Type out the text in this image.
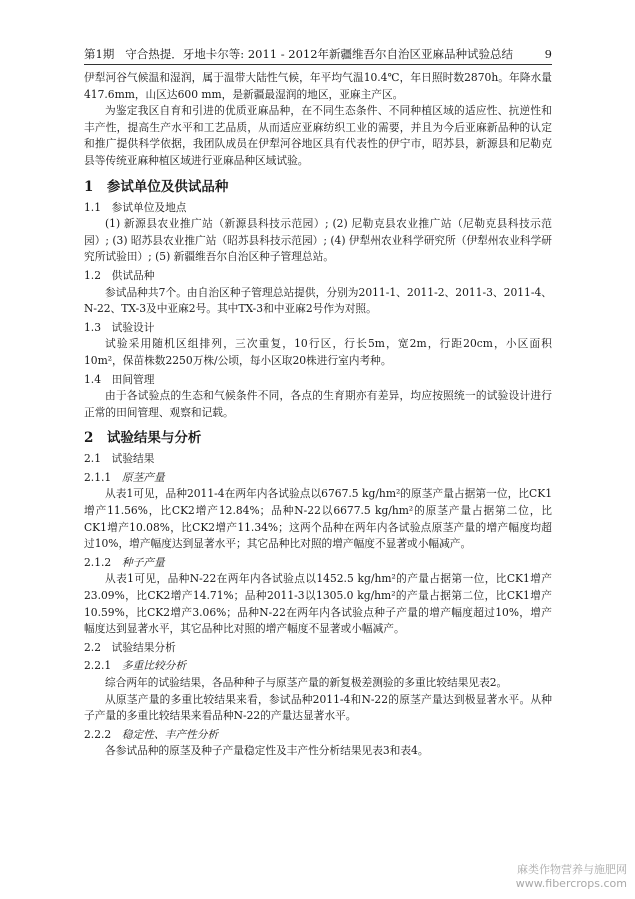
第1期 守合热提．牙地卡尔等: 2011 - 2012年新疆维吾尔自治区亚麻品种试验总结	9

伊犁河谷气候温和湿润，属于温带大陆性气候，年平均气温10.4℃，年日照时数2870h。年降水量417.6mm，山区达600 mm，是新疆最湿润的地区，亚麻主产区。

为鉴定我区自育和引进的优质亚麻品种，在不同生态条件、不同种植区域的适应性、抗逆性和丰产性，提高生产水平和工艺品质，从而适应亚麻纺织工业的需要，并且为今后亚麻新品种的认定和推广提供科学依据，我团队成员在伊犁河谷地区具有代表性的伊宁市，昭苏县，新源县和尼勒克县等传统亚麻种植区域进行亚麻品种区域试验。

1　参试单位及供试品种

1.1　参试单位及地点

(1) 新源县农业推广站（新源县科技示范园）; (2) 尼勒克县农业推广站（尼勒克县科技示范园）; (3) 昭苏县农业推广站（昭苏县科技示范园）; (4) 伊犁州农业科学研究所（伊犁州农业科学研究所试验田）; (5) 新疆维吾尔自治区种子管理总站。

1.2　供试品种

参试品种共7个。由自治区种子管理总站提供，分别为2011-1、2011-2、2011-3、2011-4、N-22、TX-3及中亚麻2号。其中TX-3和中亚麻2号作为对照。

1.3　试验设计

试验采用随机区组排列，三次重复，10行区，行长5m，宽2m，行距20cm，小区面积10m²，保苗株数2250万株/公顷，每小区取20株进行室内考种。

1.4　田间管理

由于各试验点的生态和气候条件不同，各点的生育期亦有差异，均应按照统一的试验设计进行正常的田间管理、观察和记载。

2　试验结果与分析

2.1　试验结果

2.1.1　 原茎产量

从表1可见，品种2011-4在两年内各试验点以6767.5 kg/hm²的原茎产量占据第一位，比CK1增产11.56%，比CK2增产12.84%；品种N-22以6677.5 kg/hm²的原茎产量占据第二位，比CK1增产10.08%，比CK2增产11.34%；这两个品种在两年内各试验点原茎产量的增产幅度均超过10%，增产幅度达到显著水平；其它品种比对照的增产幅度不显著或小幅减产。

2.1.2　 种子产量

从表1可见，品种N-22在两年内各试验点以1452.5 kg/hm²的产量占据第一位，比CK1增产23.09%，比CK2增产14.71%；品种2011-3以1305.0 kg/hm²的产量占据第二位，比CK1增产10.59%，比CK2增产3.06%；品种N-22在两年内各试验点种子产量的增产幅度超过10%，增产幅度达到显著水平，其它品种比对照的增产幅度不显著或小幅减产。

2.2　试验结果分析

2.2.1　 多重比较分析

综合两年的试验结果，各品种种子与原茎产量的新复极差测验的多重比较结果见表2。

从原茎产量的多重比较结果来看，参试品种2011-4和N-22的原茎产量达到极显著水平。从种子产量的多重比较结果来看品种N-22的产量达显著水平。

2.2.2　 稳定性、丰产性分析

各参试品种的原茎及种子产量稳定性及丰产性分析结果见表3和表4。

麻类作物营养与施肥网
www.fibercrops.com
